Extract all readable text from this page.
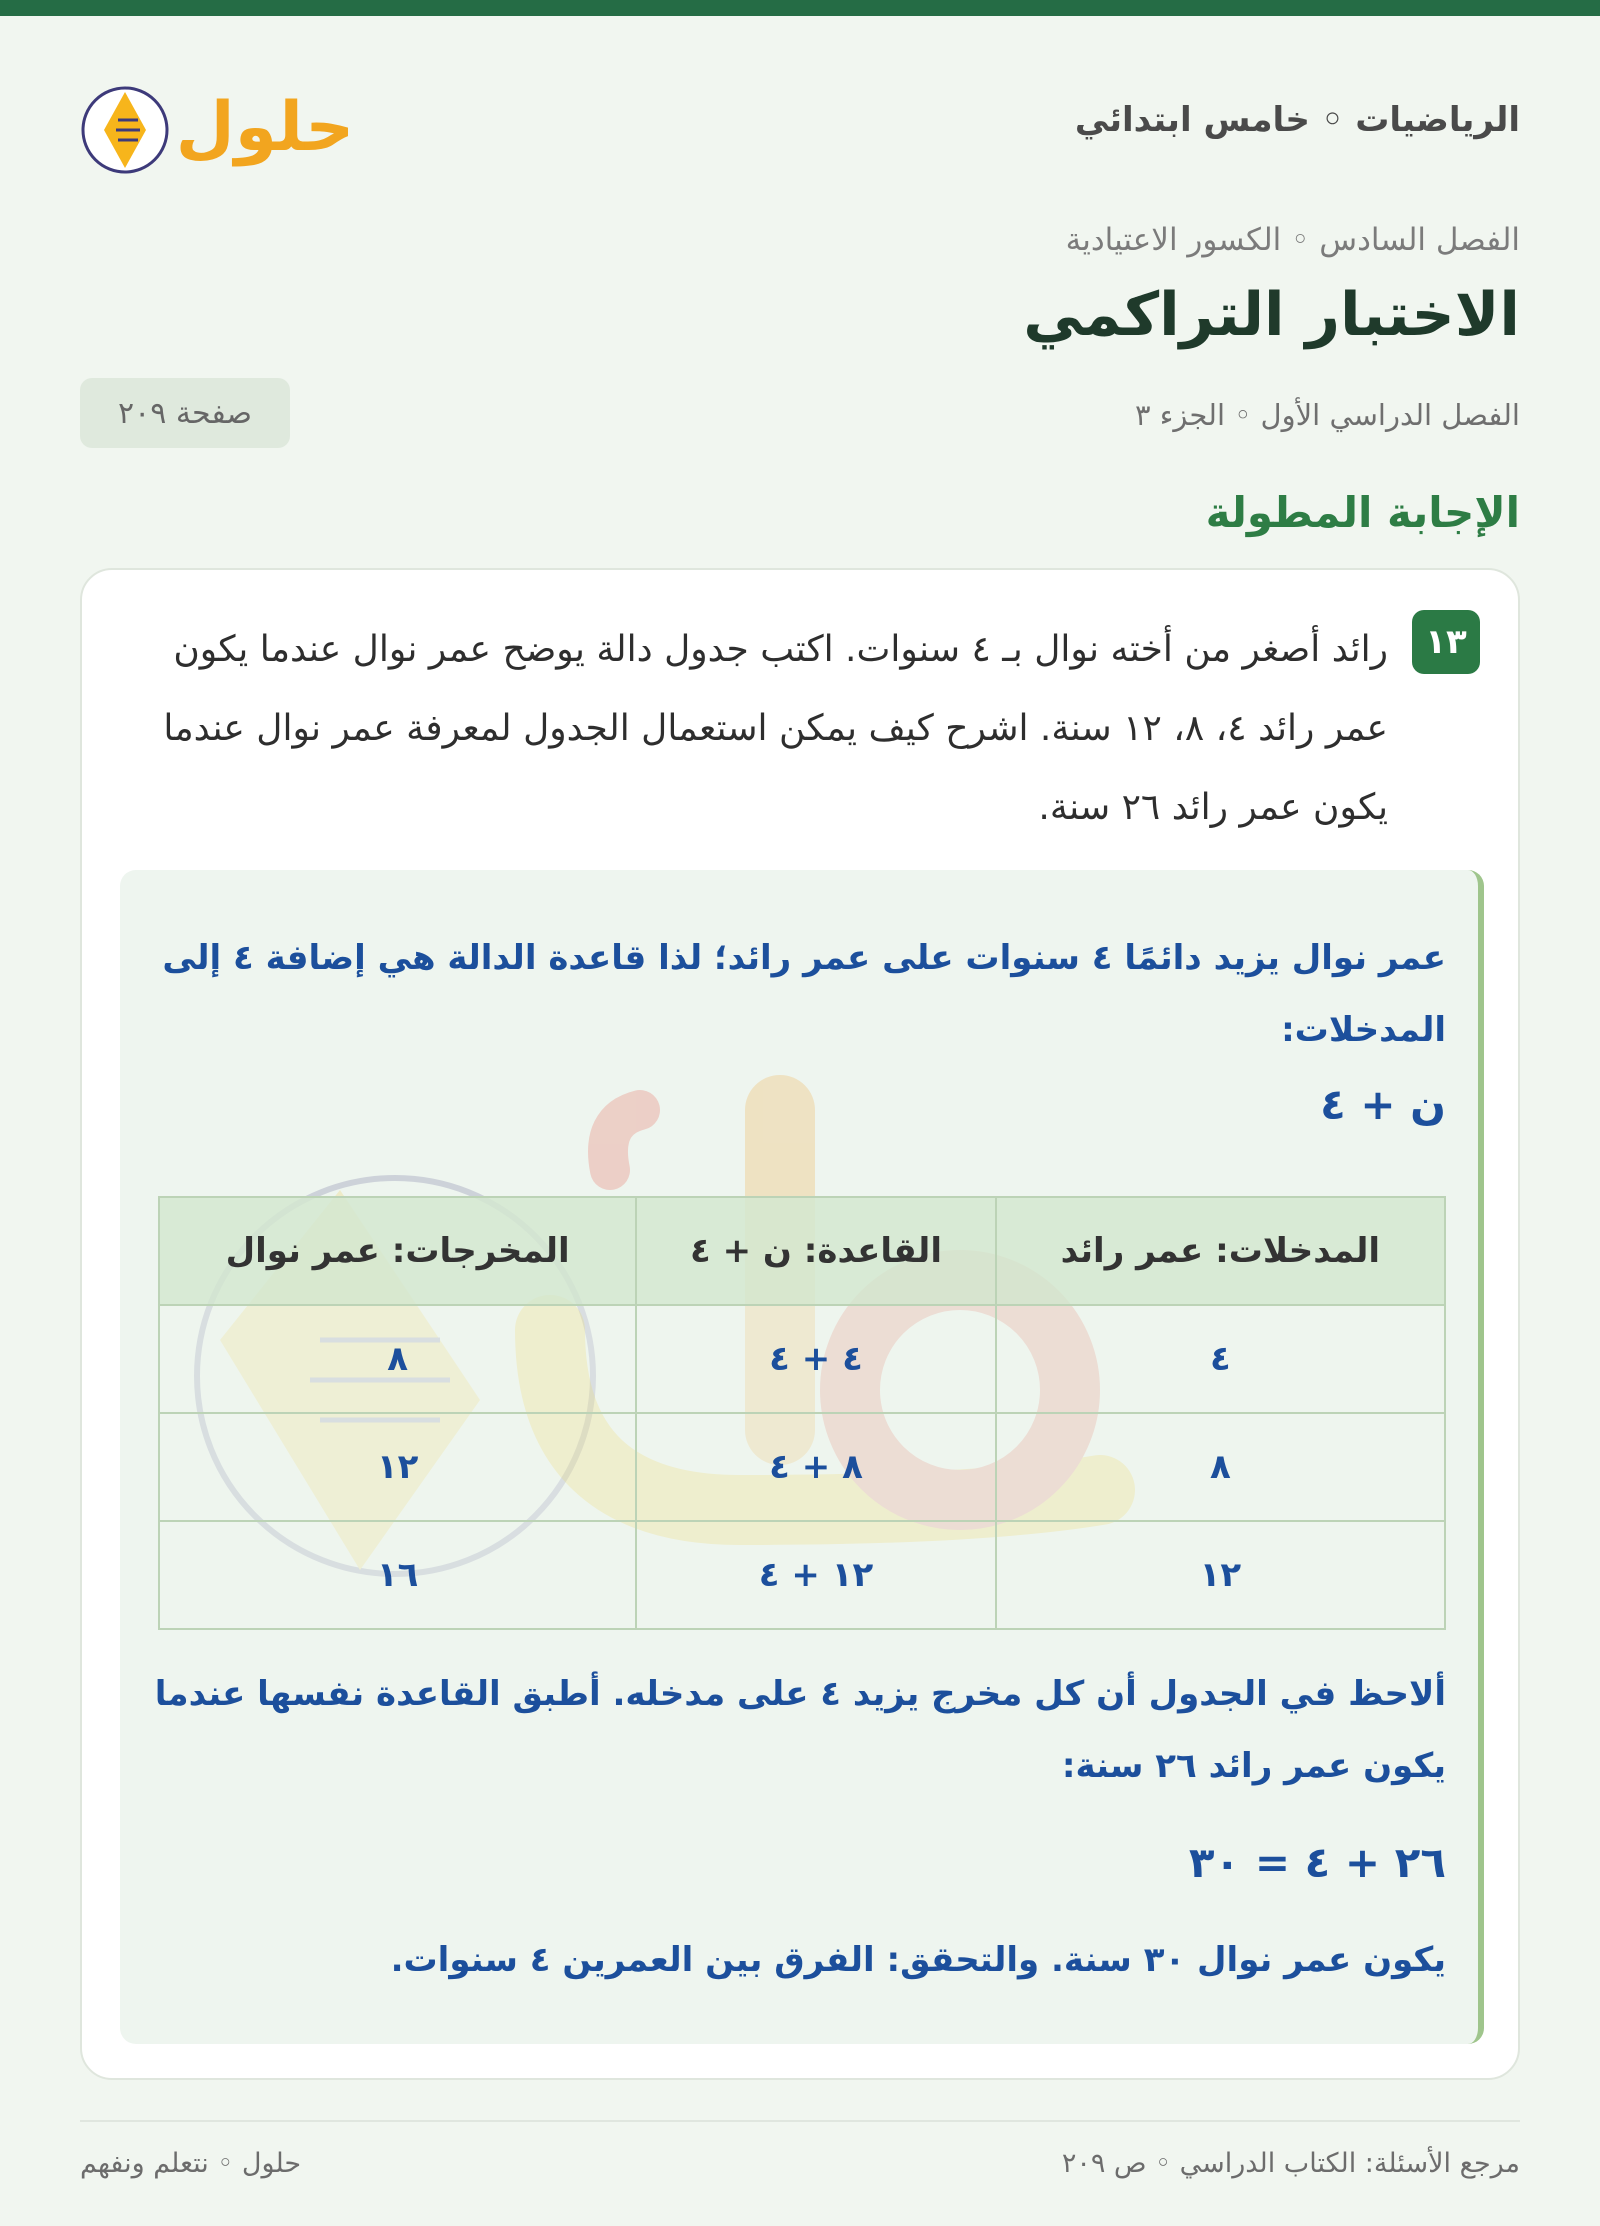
الرياضيات ◦ خامس ابتدائي
حلول
الفصل السادس ◦ الكسور الاعتيادية
الاختبار التراكمي
الفصل الدراسي الأول ◦ الجزء ٣
صفحة ٢٠٩
الإجابة المطولة
١٣

رائد أصغر من أخته نوال بـ ٤ سنوات. اكتب جدول دالة يوضح عمر نوال عندما يكون عمر رائد ٤، ٨، ١٢ سنة. اشرح كيف يمكن استعمال الجدول لمعرفة عمر نوال عندما يكون عمر رائد ٢٦ سنة.

عمر نوال يزيد دائمًا ٤ سنوات على عمر رائد؛ لذا قاعدة الدالة هي إضافة ٤ إلى المدخلات:

ن + ٤
المدخلات: عمر رائد	القاعدة: ن + ٤	المخرجات: عمر نوال
٤	٤ + ٤	٨
٨	٨ + ٤	١٢
١٢	١٢ + ٤	١٦

ألاحظ في الجدول أن كل مخرج يزيد ٤ على مدخله. أطبق القاعدة نفسها عندما يكون عمر رائد ٢٦ سنة:

٢٦ + ٤ = ٣٠

يكون عمر نوال ٣٠ سنة. والتحقق: الفرق بين العمرين ٤ سنوات.

مرجع الأسئلة: الكتاب الدراسي ◦ ص ٢٠٩
حلول ◦ نتعلم ونفهم
